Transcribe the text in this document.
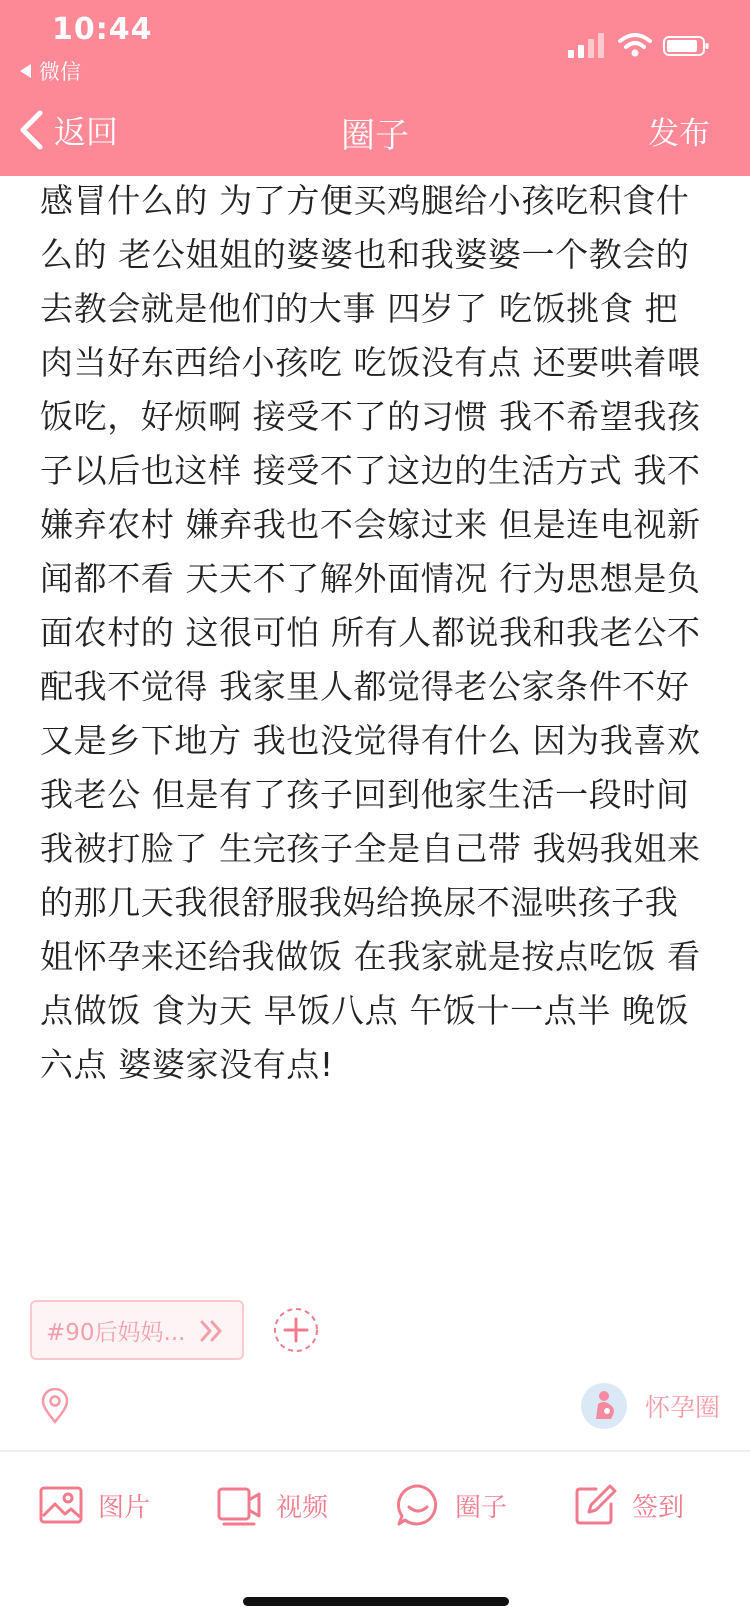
10:44
微信
返回	圈子	发布
感冒什么的 为了方便买鸡腿给小孩吃积食什
么的 老公姐姐的婆婆也和我婆婆一个教会的
去教会就是他们的大事 四岁了 吃饭挑食 把
肉当好东西给小孩吃 吃饭没有点 还要哄着喂
饭吃，好烦啊 接受不了的习惯 我不希望我孩
子以后也这样 接受不了这边的生活方式 我不
嫌弃农村 嫌弃我也不会嫁过来 但是连电视新
闻都不看 天天不了解外面情况 行为思想是负
面农村的 这很可怕 所有人都说我和我老公不
配我不觉得 我家里人都觉得老公家条件不好
又是乡下地方 我也没觉得有什么 因为我喜欢
我老公 但是有了孩子回到他家生活一段时间
我被打脸了 生完孩子全是自己带 我妈我姐来
的那几天我很舒服我妈给换尿不湿哄孩子我
姐怀孕来还给我做饭 在我家就是按点吃饭 看
点做饭 食为天 早饭八点 午饭十一点半 晚饭
六点 婆婆家没有点!
#90后妈妈...
怀孕圈
图片	视频	圈子	签到
